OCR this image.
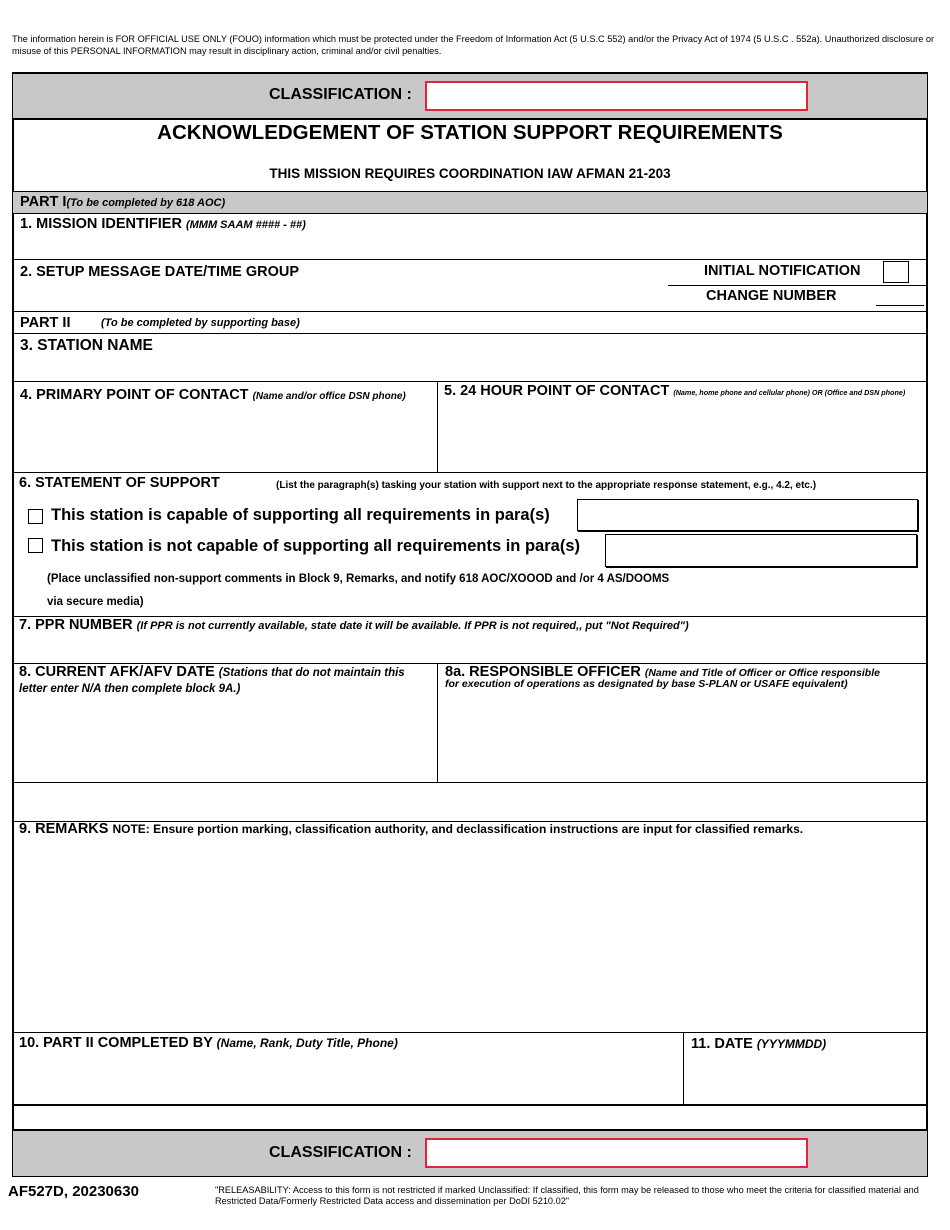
The information herein is FOR OFFICIAL USE ONLY (FOUO) information which must be protected under the Freedom of Information Act (5 U.S.C 552) and/or the Privacy Act of 1974 (5 U.S.C . 552a). Unauthorized disclosure or misuse of this PERSONAL INFORMATION may result in disciplinary action, criminal and/or civil penalties.
CLASSIFICATION :
ACKNOWLEDGEMENT OF STATION SUPPORT REQUIREMENTS
THIS MISSION REQUIRES COORDINATION IAW AFMAN 21-203
PART I(To be completed by 618 AOC)
1. MISSION IDENTIFIER (MMM SAAM #### - ##)
2. SETUP MESSAGE DATE/TIME GROUP	INITIAL NOTIFICATION
CHANGE NUMBER
PART II	(To be completed by supporting base)
3. STATION NAME
4. PRIMARY POINT OF CONTACT (Name and/or office DSN phone)	5. 24 HOUR POINT OF CONTACT (Name, home phone and cellular phone) OR (Office and DSN phone)
6. STATEMENT OF SUPPORT	(List the paragraph(s) tasking your station with support next to the appropriate response statement, e.g., 4.2, etc.)
This station is capable of supporting all requirements in para(s)
This station is not capable of supporting all requirements in para(s)
(Place unclassified non-support comments in Block 9, Remarks, and notify 618 AOC/XOOOD and /or 4 AS/DOOMS
via secure media)
7. PPR NUMBER (If PPR is not currently available, state date it will be available. If PPR is not required,, put "Not Required")
8. CURRENT AFK/AFV DATE (Stations that do not maintain this
letter enter N/A then complete block 9A.)
8a. RESPONSIBLE OFFICER (Name and Title of Officer or Office responsible
for execution of operations as designated by base S-PLAN or USAFE equivalent)
9. REMARKS NOTE: Ensure portion marking, classification authority, and declassification instructions are input for classified remarks.
10. PART II COMPLETED BY (Name, Rank, Duty Title, Phone)	11. DATE (YYYMMDD)
CLASSIFICATION :
AF527D, 20230630	"RELEASABILITY: Access to this form is not restricted if marked Unclassified: If classified, this form may be released to those who meet the criteria for classified material and Restricted Data/Formerly Restricted Data access and dissemination per DoDI 5210.02"
